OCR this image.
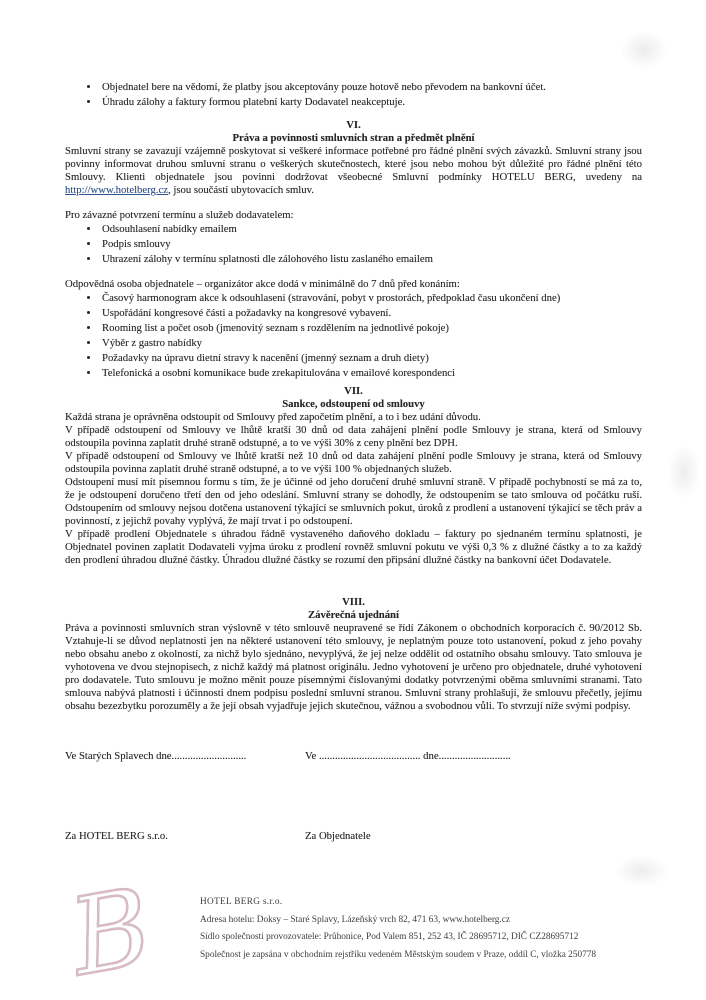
• Objednatel bere na vědomí, že platby jsou akceptovány pouze hotově nebo převodem na bankovní účet.
• Úhradu zálohy a faktury formou platební karty Dodavatel neakceptuje.
VI.
Práva a povinnosti smluvních stran a předmět plnění

Smluvní strany se zavazují vzájemně poskytovat si veškeré informace potřebné pro řádné plnění svých závazků. Smluvní strany jsou povinny informovat druhou smluvní stranu o veškerých skutečnostech, které jsou nebo mohou být důležité pro řádné plnění této Smlouvy. Klienti objednatele jsou povinni dodržovat všeobecné Smluvní podmínky HOTELU BERG, uvedeny na http://www.hotelberg.cz, jsou součástí ubytovacích smluv.

Pro závazné potvrzení termínu a služeb dodavatelem:
• Odsouhlasení nabídky emailem
• Podpis smlouvy
• Uhrazení zálohy v termínu splatnosti dle zálohového listu zaslaného emailem
Odpovědná osoba objednatele – organizátor akce dodá v minimálně do 7 dnů před konáním:
• Časový harmonogram akce k odsouhlasení (stravování, pobyt v prostorách, předpoklad času ukončení dne)
• Uspořádání kongresové části a požadavky na kongresové vybavení.
• Rooming list a počet osob (jmenovitý seznam s rozdělením na jednotlivé pokoje)
• Výběr z gastro nabídky
• Požadavky na úpravu dietní stravy k nacenění (jmenný seznam a druh diety)
• Telefonická a osobní komunikace bude zrekapitulována v emailové korespondenci
VII.
Sankce, odstoupení od smlouvy

Každá strana je oprávněna odstoupit od Smlouvy před započetím plnění, a to i bez udání důvodu.

V případě odstoupení od Smlouvy ve lhůtě kratší 30 dnů od data zahájení plnění podle Smlouvy je strana, která od Smlouvy odstoupila povinna zaplatit druhé straně odstupné, a to ve výši 30% z ceny plnění bez DPH.

V případě odstoupení od Smlouvy ve lhůtě kratší než 10 dnů od data zahájení plnění podle Smlouvy je strana, která od Smlouvy odstoupila povinna zaplatit druhé straně odstupné, a to ve výši 100 % objednaných služeb.

Odstoupení musí mít písemnou formu s tím, že je účinné od jeho doručení druhé smluvní straně. V případě pochybností se má za to, že je odstoupení doručeno třetí den od jeho odeslání. Smluvní strany se dohodly, že odstoupením se tato smlouva od počátku ruší. Odstoupením od smlouvy nejsou dotčena ustanovení týkající se smluvních pokut, úroků z prodlení a ustanovení týkající se těch práv a povinností, z jejichž povahy vyplývá, že mají trvat i po odstoupení.

V případě prodlení Objednatele s úhradou řádně vystaveného daňového dokladu – faktury po sjednaném termínu splatnosti, je Objednatel povinen zaplatit Dodavateli vyjma úroku z prodlení rovněž smluvní pokutu ve výši 0,3 % z dlužné částky a to za každý den prodlení úhradou dlužné částky. Úhradou dlužné částky se rozumí den připsání dlužné částky na bankovní účet Dodavatele.

VIII.
Závěrečná ujednání

Práva a povinnosti smluvních stran výslovně v této smlouvě neupravené se řídí Zákonem o obchodních korporacích č. 90/2012 Sb. Vztahuje-li se důvod neplatnosti jen na některé ustanovení této smlouvy, je neplatným pouze toto ustanovení, pokud z jeho povahy nebo obsahu anebo z okolností, za nichž bylo sjednáno, nevyplývá, že jej nelze oddělit od ostatního obsahu smlouvy. Tato smlouva je vyhotovena ve dvou stejnopisech, z nichž každý má platnost originálu. Jedno vyhotovení je určeno pro objednatele, druhé vyhotovení pro dodavatele. Tuto smlouvu je možno měnit pouze písemnými číslovanými dodatky potvrzenými oběma smluvními stranami. Tato smlouva nabývá platnosti i účinnosti dnem podpisu poslední smluvní stranou. Smluvní strany prohlašují, že smlouvu přečetly, jejímu obsahu bezezbytku porozuměly a že její obsah vyjadřuje jejich skutečnou, vážnou a svobodnou vůli. To stvrzují níže svými podpisy.

Ve Starých Splavech dne............................	Ve ...................................... dne...........................
Za HOTEL BERG s.r.o.	Za Objednatele
B	HOTEL BERG s.r.o.
Adresa hotelu: Doksy – Staré Splavy, Lázeňský vrch 82, 471 63, www.hotelberg.cz
Sídlo společnosti provozovatele: Průhonice, Pod Valem 851, 252 43, IČ 28695712, DIČ CZ28695712
Společnost je zapsána v obchodním rejstříku vedeném Městským soudem v Praze, oddíl C, vložka 250778
